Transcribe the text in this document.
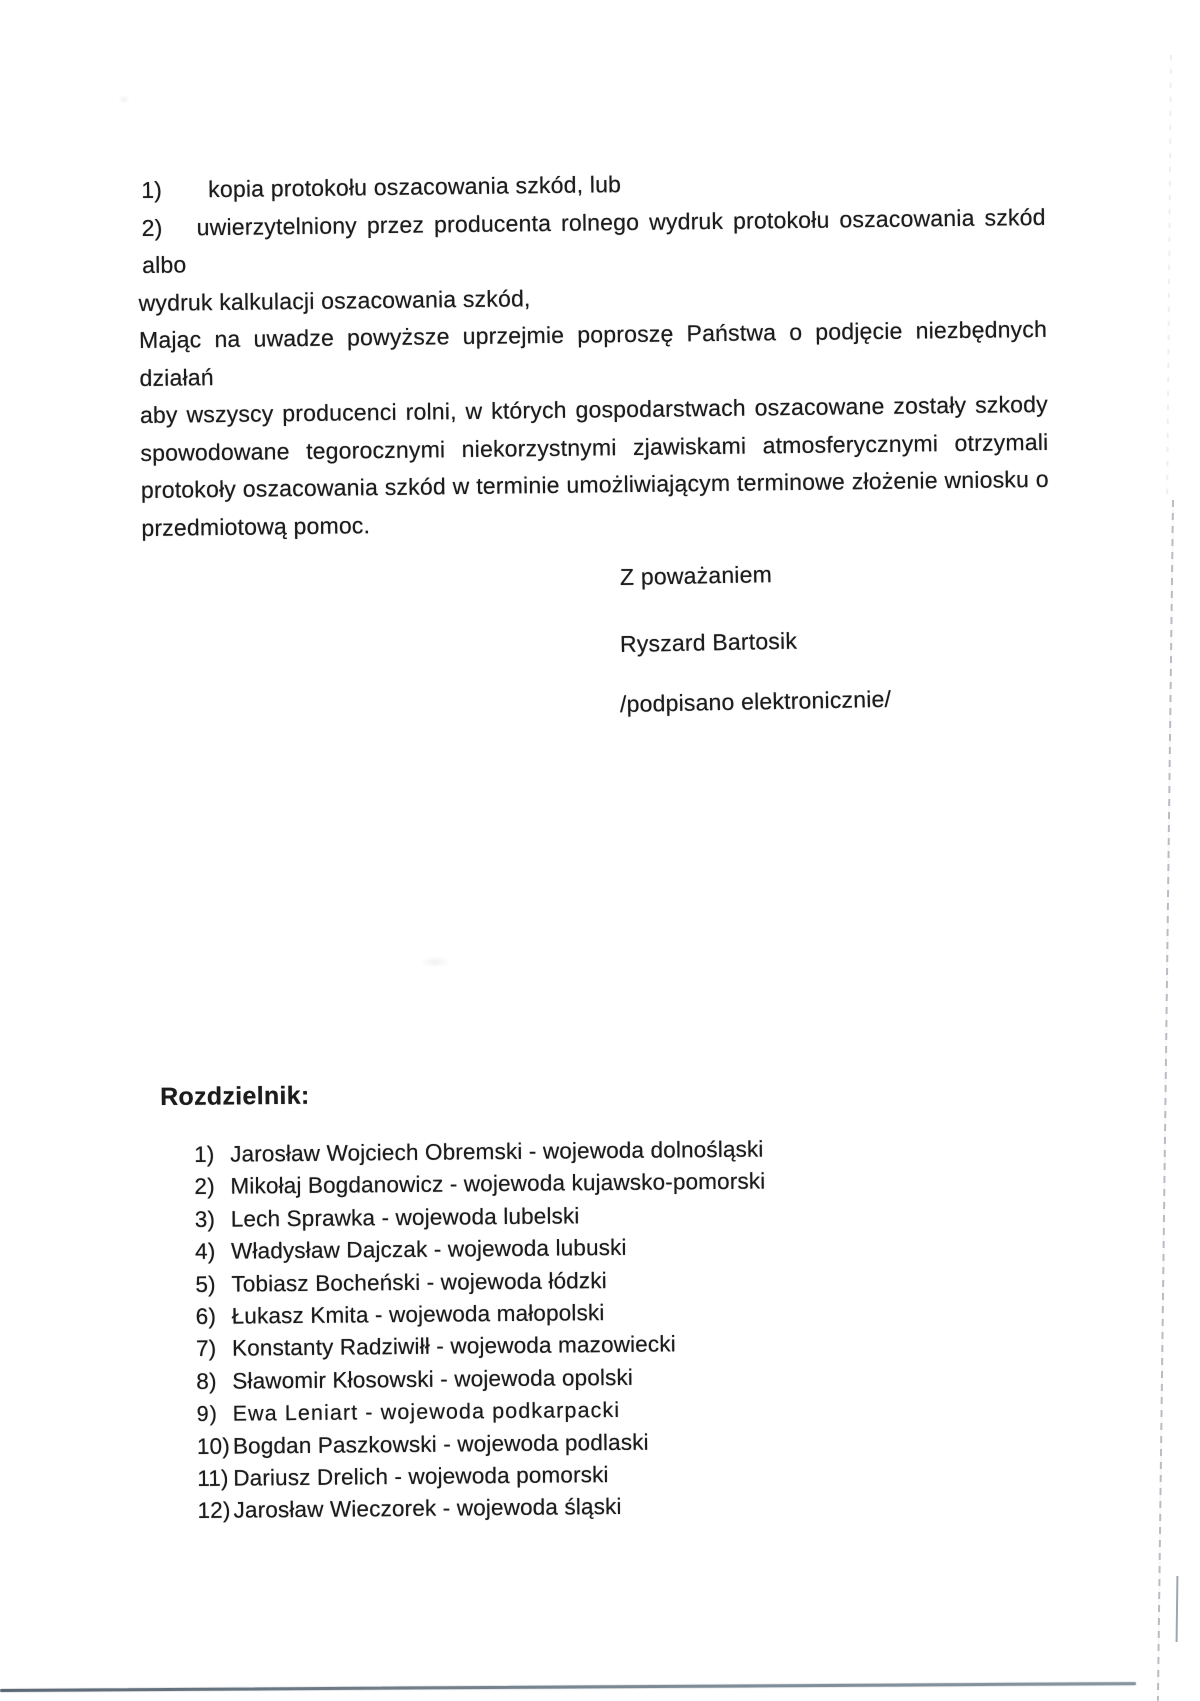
1) kopia protokołu oszacowania szkód, lub
2) uwierzytelniony przez producenta rolnego wydruk protokołu oszacowania szkód albo
wydruk kalkulacji oszacowania szkód,
Mając na uwadze powyższe uprzejmie poproszę Państwa o podjęcie niezbędnych działań
aby wszyscy producenci rolni, w których gospodarstwach oszacowane zostały szkody
spowodowane tegorocznymi niekorzystnymi zjawiskami atmosferycznymi otrzymali
protokoły oszacowania szkód w terminie umożliwiającym terminowe złożenie wniosku o
przedmiotową pomoc.
Z poważaniem
Ryszard Bartosik
/podpisano elektronicznie/
Rozdzielnik:
1) Jarosław Wojciech Obremski - wojewoda dolnośląski
2) Mikołaj Bogdanowicz - wojewoda kujawsko-pomorski
3) Lech Sprawka - wojewoda lubelski
4) Władysław Dajczak - wojewoda lubuski
5) Tobiasz Bocheński - wojewoda łódzki
6) Łukasz Kmita - wojewoda małopolski
7) Konstanty Radziwiłł - wojewoda mazowiecki
8) Sławomir Kłosowski - wojewoda opolski
9) Ewa Leniart - wojewoda podkarpacki
10) Bogdan Paszkowski - wojewoda podlaski
11) Dariusz Drelich - wojewoda pomorski
12) Jarosław Wieczorek - wojewoda śląski
